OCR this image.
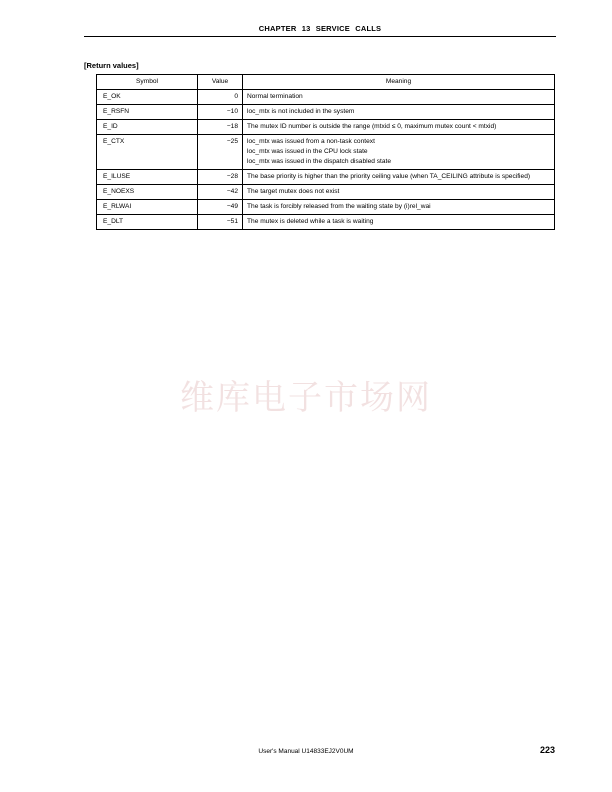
CHAPTER 13 SERVICE CALLS
[Return values]
Symbol	Value	Meaning
E_OK	0	Normal termination

E_RSFN	−10	loc_mtx is not included in the system

E_ID	−18	The mutex ID number is outside the range (mtxid ≤ 0, maximum mutex count < mtxid)

E_CTX	−25	loc_mtx was issued from a non-task context
loc_mtx was issued in the CPU lock state
loc_mtx was issued in the dispatch disabled state

E_ILUSE	−28	The base priority is higher than the priority ceiling value (when TA_CEILING attribute is specified)

E_NOEXS	−42	The target mutex does not exist

E_RLWAI	−49	The task is forcibly released from the waiting state by (i)rel_wai

E_DLT	−51	The mutex is deleted while a task is waiting
维库电子市场网
User's Manual U14833EJ2V0UM	223
